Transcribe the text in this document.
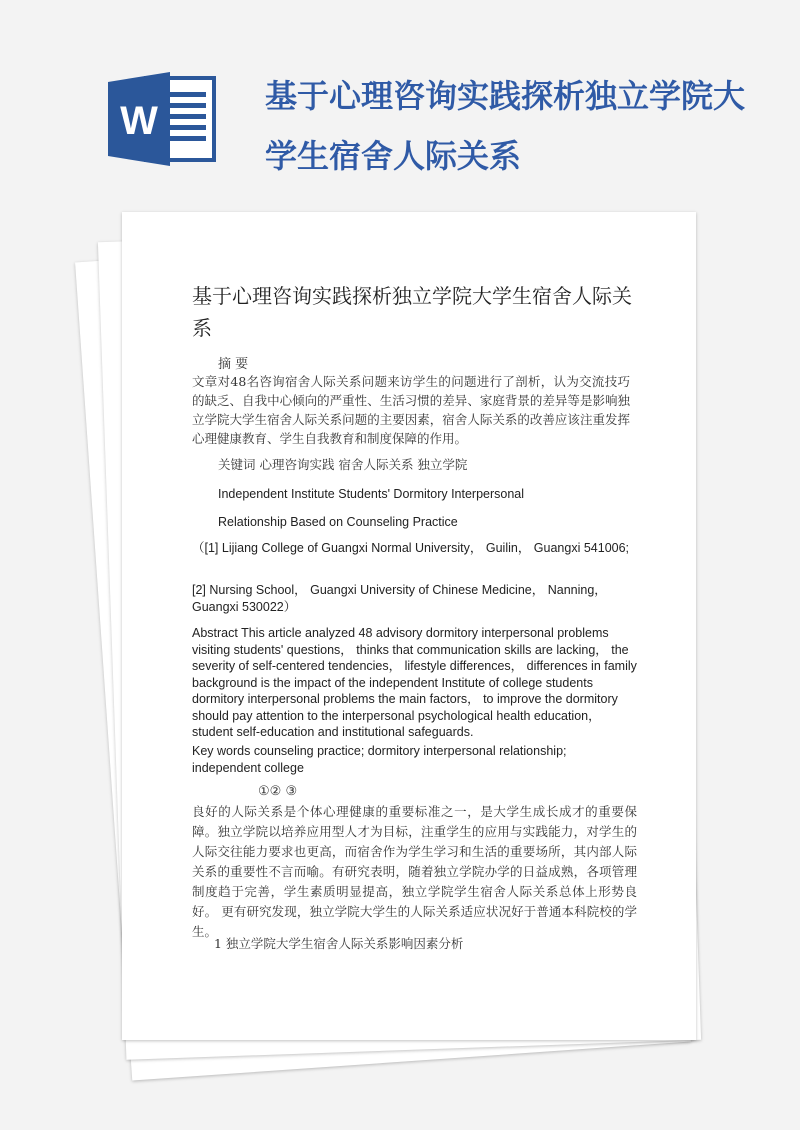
W
基于心理咨询实践探析独立学院大学生宿舍人际关系
基于心理咨询实践探析独立学院大学生宿舍人际关系

摘 要

文章对48名咨询宿舍人际关系问题来访学生的问题进行了剖析，认为交流技巧的缺乏、自我中心倾向的严重性、生活习惯的差异、家庭背景的差异等是影响独立学院大学生宿舍人际关系问题的主要因素，宿舍人际关系的改善应该注重发挥心理健康教育、学生自我教育和制度保障的作用。

关键词 心理咨询实践 宿舍人际关系 独立学院

Independent Institute Students' Dormitory Interpersonal

Relationship Based on Counseling Practice

（[1] Lijiang College of Guangxi Normal University， Guilin， Guangxi 541006;

[2] Nursing School， Guangxi University of Chinese Medicine， Nanning， Guangxi 530022）

Abstract This article analyzed 48 advisory dormitory interpersonal problems visiting students' questions， thinks that communication skills are lacking， the severity of self-centered tendencies， lifestyle differences， differences in family background is the impact of the independent Institute of college students dormitory interpersonal problems the main factors， to improve the dormitory should pay attention to the interpersonal psychological health education， student self-education and institutional safeguards.

Key words counseling practice; dormitory interpersonal relationship; independent college

①② ③

良好的人际关系是个体心理健康的重要标准之一，是大学生成长成才的重要保障。独立学院以培养应用型人才为目标，注重学生的应用与实践能力，对学生的人际交往能力要求也更高，而宿舍作为学生学习和生活的重要场所，其内部人际关系的重要性不言而喻。有研究表明，随着独立学院办学的日益成熟，各项管理制度趋于完善，学生素质明显提高，独立学院学生宿舍人际关系总体上形势良好。 更有研究发现，独立学院大学生的人际关系适应状况好于普通本科院校的学生。

1 独立学院大学生宿舍人际关系影响因素分析
